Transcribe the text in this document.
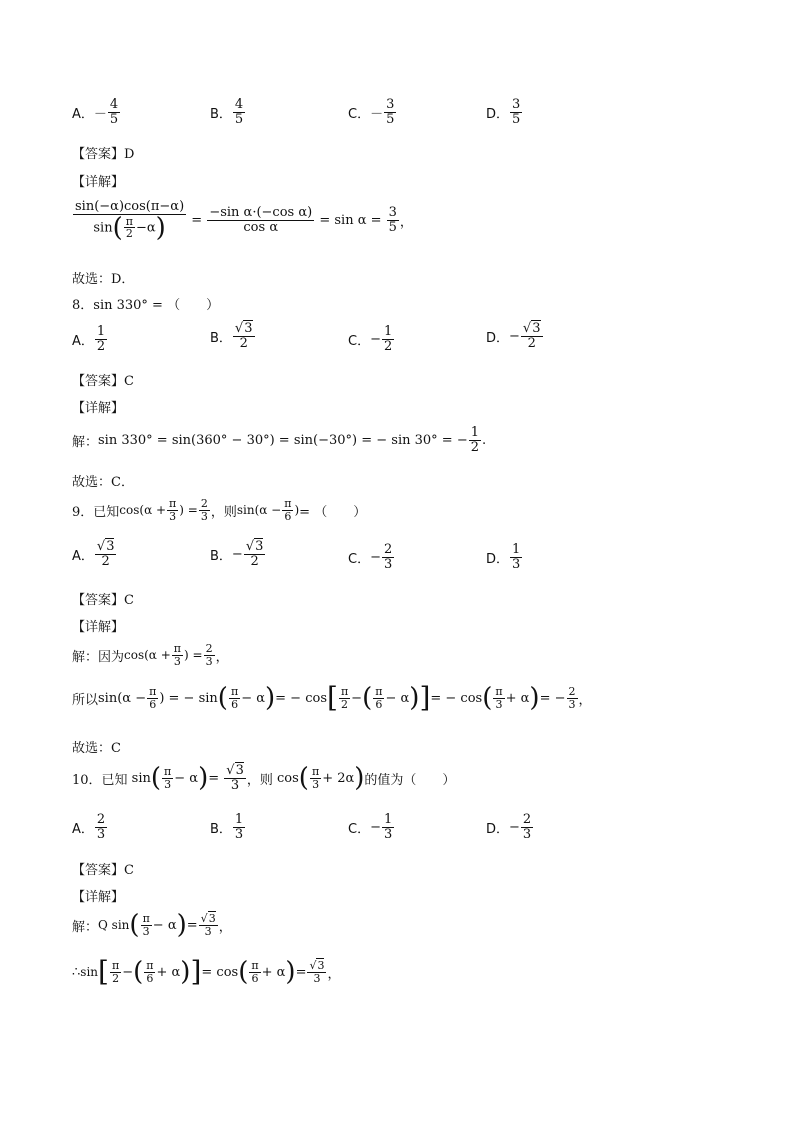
A． － $\frac{4}{5}$	B． $\frac{4}{5}$	C． － $\frac{3}{5}$	D． $\frac{3}{5}$
【答案】D
【详解】
$\frac{\sin(-\alpha)\cos(\pi-\alpha)}{\sin( \frac{\pi}{2} -\alpha)} = \frac{\text{−sin α·(−cos α)}}{\text{cos α}} = \sin \alpha = \frac{3}{5}$ ，
故选：D．
8．sin 330° = （　　）
A． $\frac{1}{2}$	B． $\frac{√3}{2}$	C． − $\frac{1}{2}$	D． − $\frac{√3}{2}$
【答案】C
【详解】
解： sin 330° = sin(360° − 30°) = sin(−30°) = − sin 30° = − $\frac{1}{2}$ .
故选：C．
9．已知 $\cos(\alpha + \frac{\pi}{3}$ ) = $\frac{2}{3}$ ，则 $\sin(\alpha - \frac{\pi}{6}$ ) = （　　）
A． $\frac{√3}{2}$	B． − $\frac{√3}{2}$	C． − $\frac{2}{3}$	D． $\frac{1}{3}$
【答案】C
【详解】
解：因为 $\cos(\alpha + \frac{\pi}{3}$ ) = $\frac{2}{3}$ ，
所以 $\sin(\alpha - \frac{\pi}{6}$ ) = − sin ( $\frac{\pi}{6} - \alpha$ ) = − cos [ $\frac{\pi}{2}$ − ( $\frac{\pi}{6} - \alpha$ ) ] = − cos ( $\frac{\pi}{3} + \alpha$ ) = − $\frac{2}{3}$ ，
故选：C
10．已知 sin ( $\frac{\pi}{3} - \alpha$ ) = $\frac{√3}{3}$ ，则 cos ( $\frac{\pi}{3} + 2\alpha$ ) 的值为（　　）
A． $\frac{2}{3}$	B． $\frac{1}{3}$	C． − $\frac{1}{3}$	D． − $\frac{2}{3}$
【答案】C
【详解】
解： Q sin ( $\frac{\pi}{3} - \alpha$ ) = $\frac{√3}{3}$ ，
∴ sin [ $\frac{\pi}{2}$ − ( $\frac{\pi}{6} + \alpha$ ) ] = cos ( $\frac{\pi}{6} + \alpha$ ) = $\frac{√3}{3}$ ，
